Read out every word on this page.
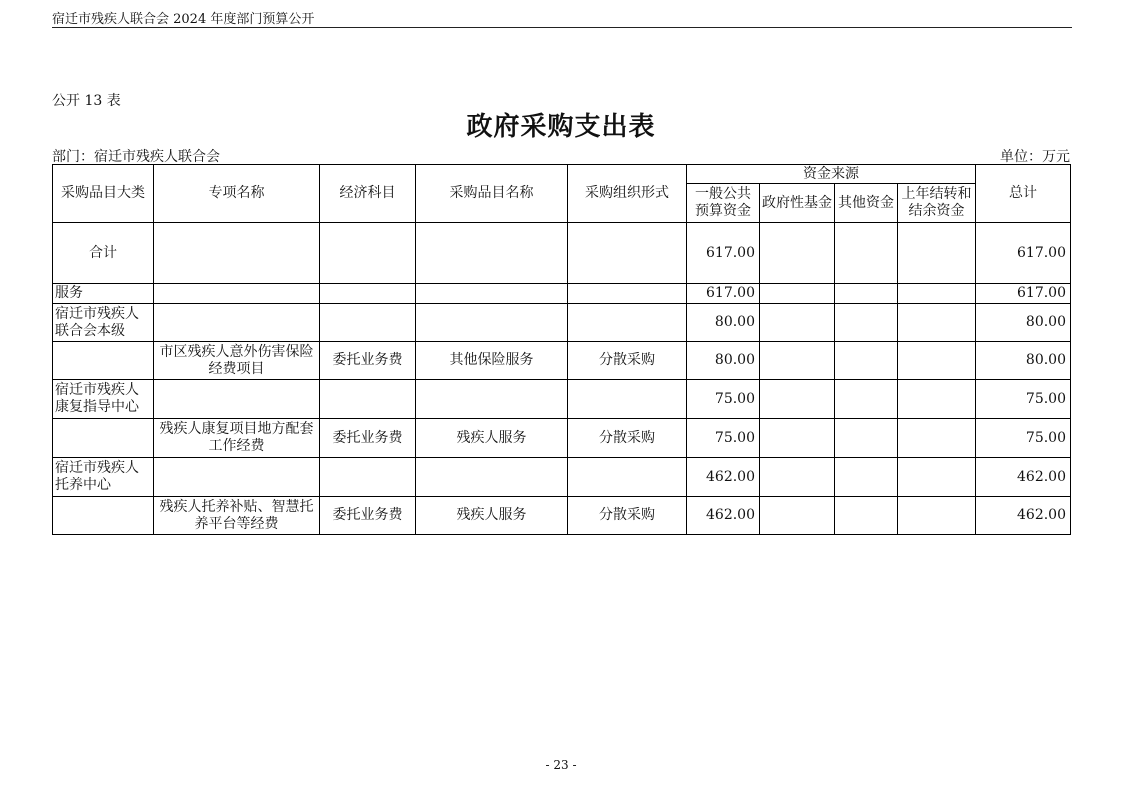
宿迁市残疾人联合会 2024 年度部门预算公开
公开 13 表
政府采购支出表
部门：宿迁市残疾人联合会	单位：万元
采购品目大类	专项名称	经济科目	采购品目名称	采购组织形式	资金来源				总计
					一般公共预算资金	政府性基金	其他资金	上年结转和结余资金	
合计					617.00				617.00
服务					617.00				617.00
宿迁市残疾人联合会本级					80.00				80.00
	市区残疾人意外伤害保险经费项目	委托业务费	其他保险服务	分散采购	80.00				80.00
宿迁市残疾人康复指导中心					75.00				75.00
	残疾人康复项目地方配套工作经费	委托业务费	残疾人服务	分散采购	75.00				75.00
宿迁市残疾人托养中心					462.00				462.00
	残疾人托养补贴、智慧托养平台等经费	委托业务费	残疾人服务	分散采购	462.00				462.00
- 23 -
